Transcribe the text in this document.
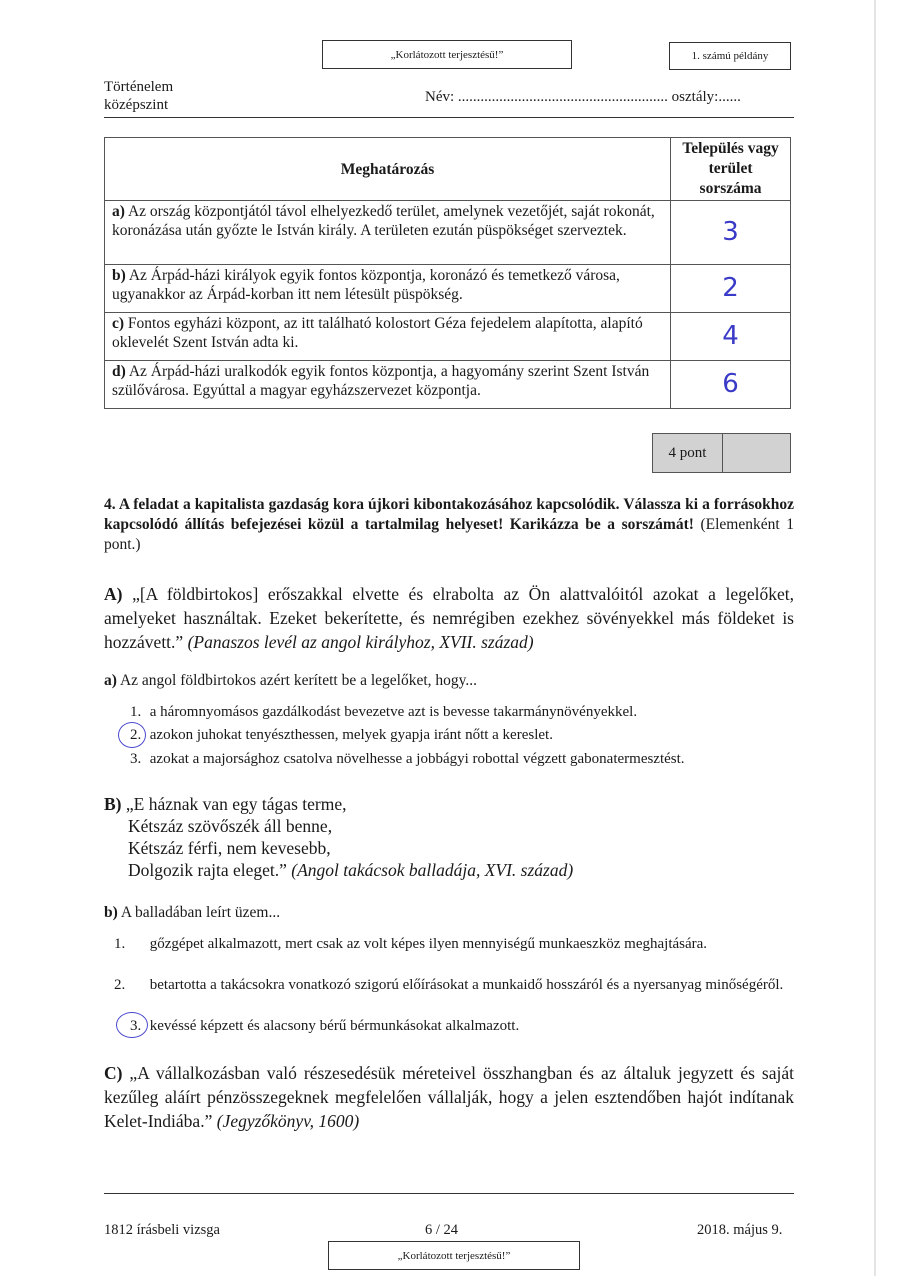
„Korlátozott terjesztésű!”	1. számú példány
Történelem
középszint	Név: ........................................................ osztály:......
Meghatározás	Település vagy terület sorszáma
a) Az ország központjától távol elhelyezkedő terület, amelynek vezetőjét, saját rokonát, koronázása után győzte le István király. A területen ezután püspökséget szerveztek.	3
b) Az Árpád-házi királyok egyik fontos központja, koronázó és temetkező városa, ugyanakkor az Árpád-korban itt nem létesült püspökség.	2
c) Fontos egyházi központ, az itt található kolostort Géza fejedelem alapította, alapító oklevelét Szent István adta ki.	4
d) Az Árpád-házi uralkodók egyik fontos központja, a hagyomány szerint Szent István szülővárosa. Egyúttal a magyar egyházszervezet központja.	6
4 pont
4. A feladat a kapitalista gazdaság kora újkori kibontakozásához kapcsolódik. Válassza ki a forrásokhoz kapcsolódó állítás befejezései közül a tartalmilag helyeset! Karikázza be a sorszámát! (Elemenként 1 pont.)
A) „[A földbirtokos] erőszakkal elvette és elrabolta az Ön alattvalóitól azokat a legelőket, amelyeket használtak. Ezeket bekerítette, és nemrégiben ezekhez sövényekkel más földeket is hozzávett.” (Panaszos levél az angol királyhoz, XVII. század)
a) Az angol földbirtokos azért kerített be a legelőket, hogy...
1. a háromnyomásos gazdálkodást bevezetve azt is bevesse takarmánynövényekkel.
2. azokon juhokat tenyészthessen, melyek gyapja iránt nőtt a kereslet.
3. azokat a majorsághoz csatolva növelhesse a jobbágyi robottal végzett gabonatermesztést.
B) „E háznak van egy tágas terme,
Kétszáz szövőszék áll benne,
Kétszáz férfi, nem kevesebb,
Dolgozik rajta eleget.” (Angol takácsok balladája, XVI. század)
b) A balladában leírt üzem...
1. gőzgépet alkalmazott, mert csak az volt képes ilyen mennyiségű munkaeszköz meghajtására.
2. betartotta a takácsokra vonatkozó szigorú előírásokat a munkaidő hosszáról és a nyersanyag minőségéről.
3. kevéssé képzett és alacsony bérű bérmunkásokat alkalmazott.
C) „A vállalkozásban való részesedésük méreteivel összhangban és az általuk jegyzett és saját kezűleg aláírt pénzösszegeknek megfelelően vállalják, hogy a jelen esztendőben hajót indítanak Kelet-Indiába.” (Jegyzőkönyv, 1600)
1812 írásbeli vizsga	6 / 24	2018. május 9.
„Korlátozott terjesztésű!”
